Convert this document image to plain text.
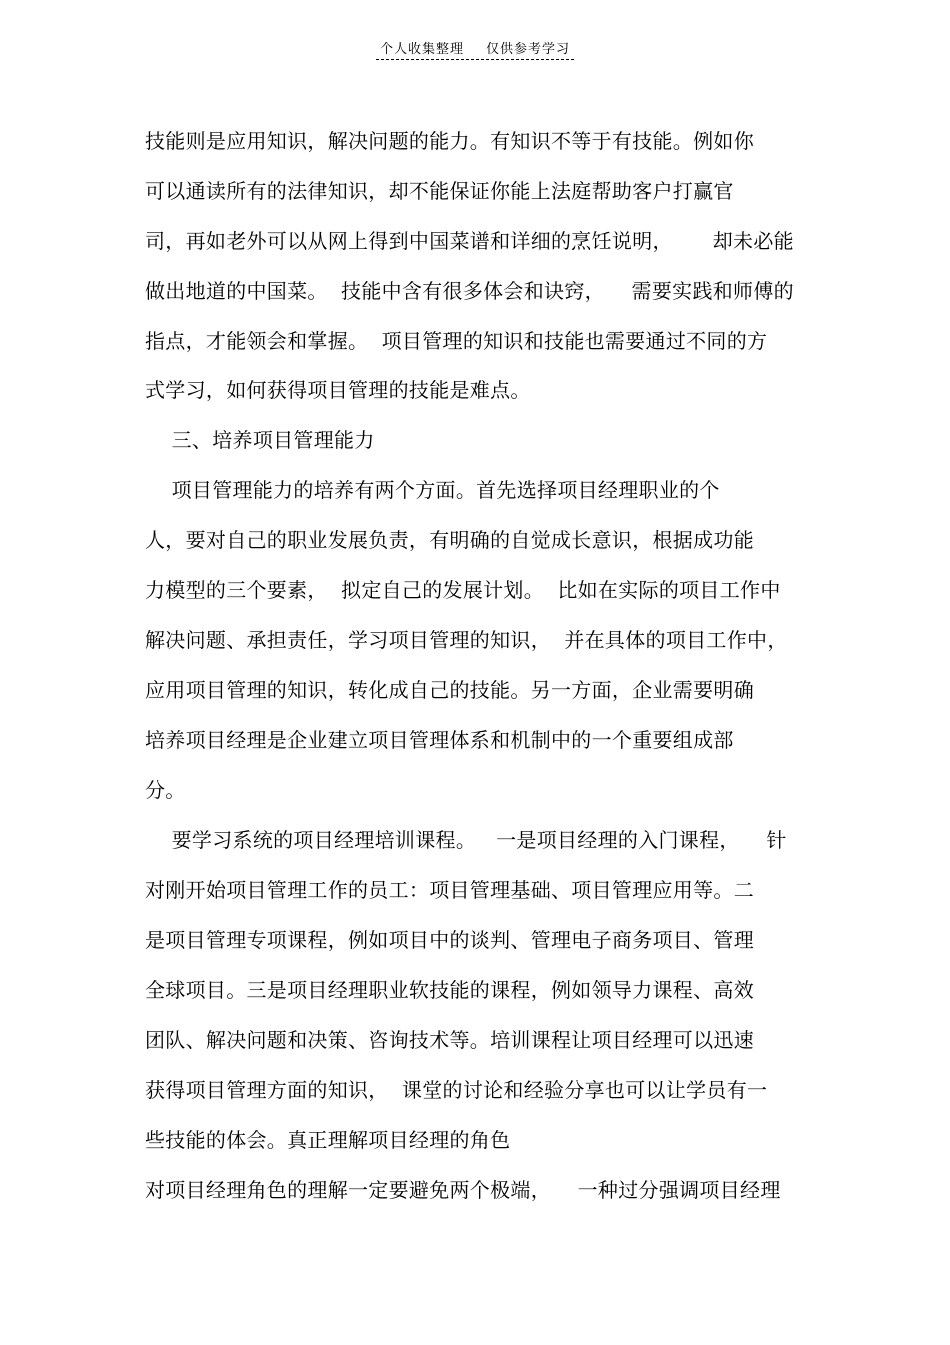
个人收集整理 仅供参考学习
技能则是应用知识，解决问题的能力。有知识不等于有技能。例如你
可以通读所有的法律知识，却不能保证你能上法庭帮助客户打赢官
司，再如老外可以从网上得到中国菜谱和详细的烹饪说明，      却未必能
做出地道的中国菜。  技能中含有很多体会和诀窍，    需要实践和师傅的
指点，才能领会和掌握。  项目管理的知识和技能也需要通过不同的方
式学习，如何获得项目管理的技能是难点。
三、培养项目管理能力
项目管理能力的培养有两个方面。首先选择项目经理职业的个
人，要对自己的职业发展负责，有明确的自觉成长意识，根据成功能
力模型的三个要素，  拟定自己的发展计划。  比如在实际的项目工作中
解决问题、承担责任，学习项目管理的知识，  并在具体的项目工作中，
应用项目管理的知识，转化成自己的技能。另一方面，企业需要明确
培养项目经理是企业建立项目管理体系和机制中的一个重要组成部
分。
要学习系统的项目经理培训课程。   一是项目经理的入门课程，    针
对刚开始项目管理工作的员工：项目管理基础、项目管理应用等。二
是项目管理专项课程，例如项目中的谈判、管理电子商务项目、管理
全球项目。三是项目经理职业软技能的课程，例如领导力课程、高效
团队、解决问题和决策、咨询技术等。培训课程让项目经理可以迅速
获得项目管理方面的知识，  课堂的讨论和经验分享也可以让学员有一
些技能的体会。真正理解项目经理的角色
对项目经理角色的理解一定要避免两个极端，    一种过分强调项目经理
